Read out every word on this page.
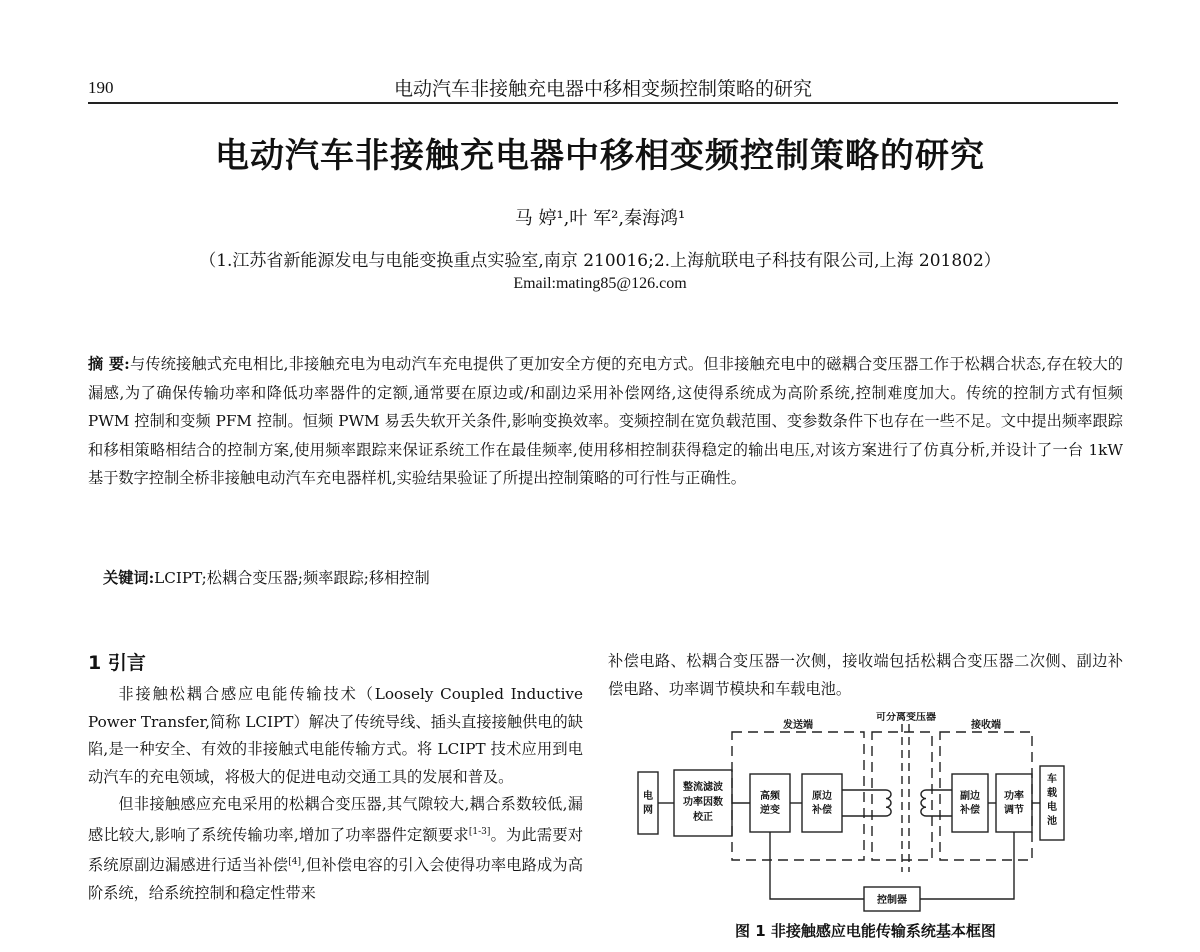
190	电动汽车非接触充电器中移相变频控制策略的研究
电动汽车非接触充电器中移相变频控制策略的研究
马 婷¹,叶 军²,秦海鸿¹
（1.江苏省新能源发电与电能变换重点实验室,南京 210016;2.上海航联电子科技有限公司,上海 201802）
Email:mating85@126.com
摘 要:与传统接触式充电相比,非接触充电为电动汽车充电提供了更加安全方便的充电方式。但非接触充电中的磁耦合变压器工作于松耦合状态,存在较大的漏感,为了确保传输功率和降低功率器件的定额,通常要在原边或/和副边采用补偿网络,这使得系统成为高阶系统,控制难度加大。传统的控制方式有恒频 PWM 控制和变频 PFM 控制。恒频 PWM 易丢失软开关条件,影响变换效率。变频控制在宽负载范围、变参数条件下也存在一些不足。文中提出频率跟踪和移相策略相结合的控制方案,使用频率跟踪来保证系统工作在最佳频率,使用移相控制获得稳定的输出电压,对该方案进行了仿真分析,并设计了一台 1kW 基于数字控制全桥非接触电动汽车充电器样机,实验结果验证了所提出控制策略的可行性与正确性。
关键词:LCIPT;松耦合变压器;频率跟踪;移相控制
1 引言

非接触松耦合感应电能传输技术（Loosely Coupled Inductive Power Transfer,简称 LCIPT）解决了传统导线、插头直接接触供电的缺陷,是一种安全、有效的非接触式电能传输方式。将 LCIPT 技术应用到电动汽车的充电领域，将极大的促进电动交通工具的发展和普及。

但非接触感应充电采用的松耦合变压器,其气隙较大,耦合系数较低,漏感比较大,影响了系统传输功率,增加了功率器件定额要求[1-3]。为此需要对系统原副边漏感进行适当补偿[4],但补偿电容的引入会使得功率电路成为高阶系统，给系统控制和稳定性带来

补偿电路、松耦合变压器一次侧，接收端包括松耦合变压器二次侧、副边补偿电路、功率调节模块和车载电池。

可分离变压器
发送端	接收端
电
网
整流滤波
功率因数
校正
高频
逆变
原边
补偿
副边
补偿
功率
调节
车
载
电
池
控制器
图 1 非接触感应电能传输系统基本框图
